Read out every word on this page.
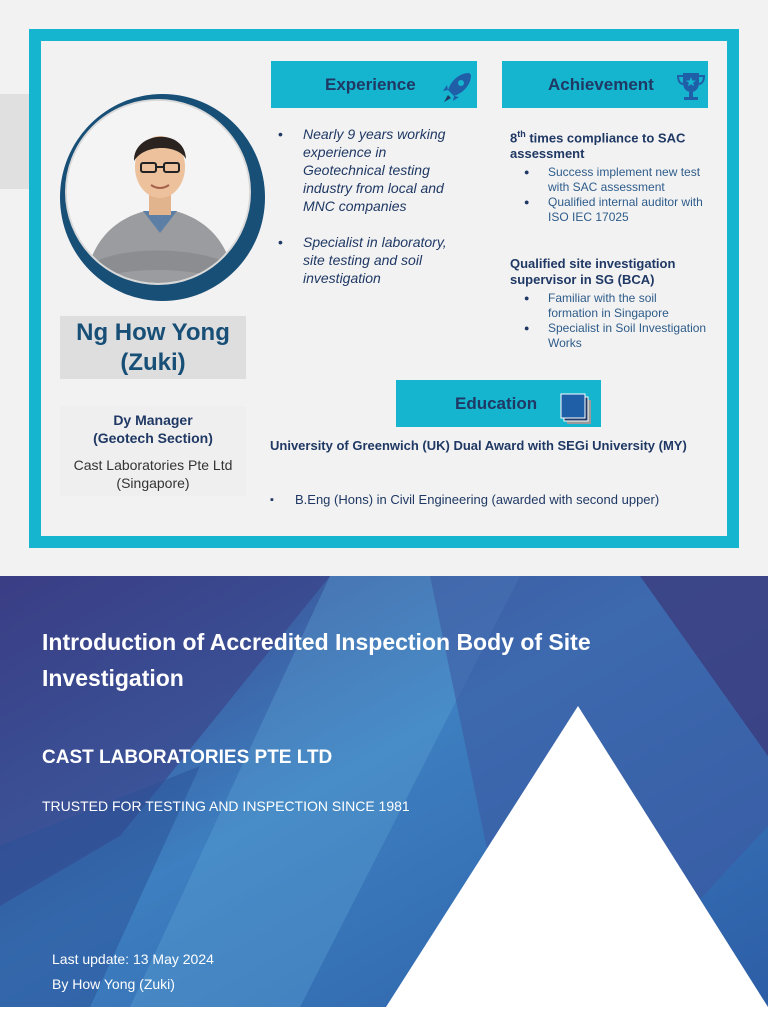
Ng How Yong
(Zuki)
Dy Manager
(Geotech Section)
Cast Laboratories Pte Ltd
(Singapore)
Experience
• Nearly 9 years working experience in Geotechnical testing industry from local and MNC companies
• Specialist in laboratory, site testing and soil investigation
Achievement
8th times compliance to SAC assessment
● Success implement new test with SAC assessment
● Qualified internal auditor with ISO IEC 17025
Qualified site investigation supervisor in SG (BCA)
● Familiar with the soil formation in Singapore
● Specialist in Soil Investigation Works
Education
University of Greenwich (UK) Dual Award with SEGi University (MY)
▪ B.Eng (Hons) in Civil Engineering (awarded with second upper)
Introduction of Accredited Inspection Body of Site Investigation
CAST LABORATORIES PTE LTD
TRUSTED FOR TESTING AND INSPECTION SINCE 1981
Last update: 13 May 2024
By How Yong (Zuki)
